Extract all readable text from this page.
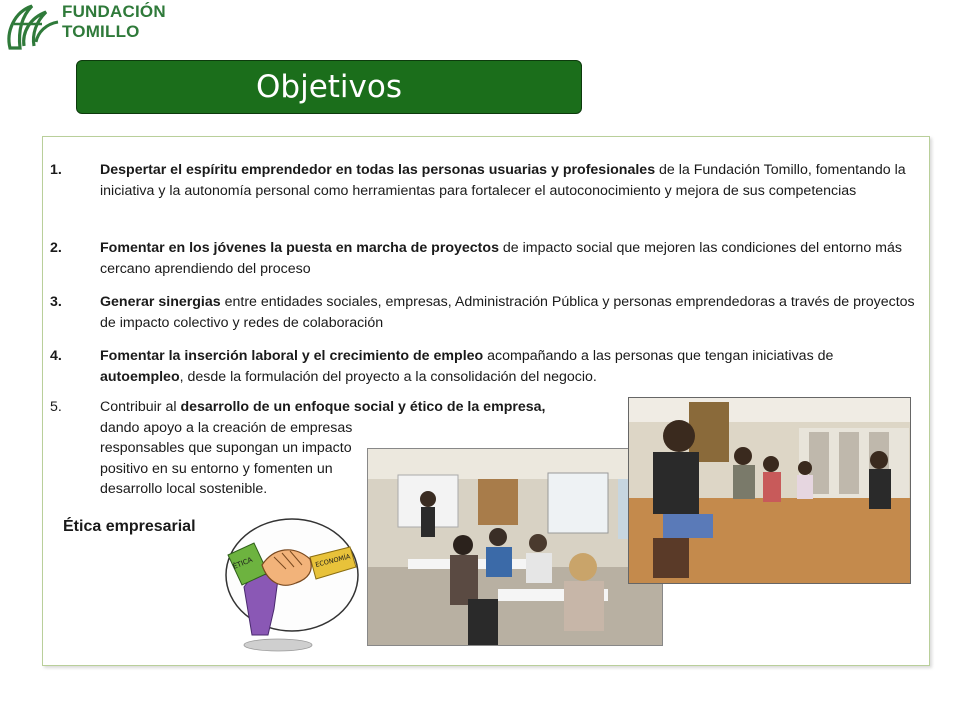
FUNDACIÓN TOMILLO
Objetivos
1.	Despertar el espíritu emprendedor en todas las personas usuarias y profesionales de la Fundación Tomillo, fomentando la iniciativa y la autonomía personal como herramientas para fortalecer el autoconocimiento y mejora de sus competencias
2.	Fomentar en los jóvenes la puesta en marcha de proyectos de impacto social que mejoren las condiciones del entorno más cercano aprendiendo del proceso
3.	Generar sinergias entre entidades sociales, empresas, Administración Pública y personas emprendedoras a través de proyectos de impacto colectivo y redes de colaboración
4.	Fomentar la inserción laboral y el crecimiento de empleo acompañando a las personas que tengan iniciativas de autoempleo, desde la formulación del proyecto a la consolidación del negocio.
5.	Contribuir al desarrollo de un enfoque social y ético de la empresa,dando apoyo a la creación de empresas responsables que supongan un impacto positivo en su entorno y fomenten un desarrollo local sostenible.
Ética empresarial
ÉTICA	ECONOMÍA
